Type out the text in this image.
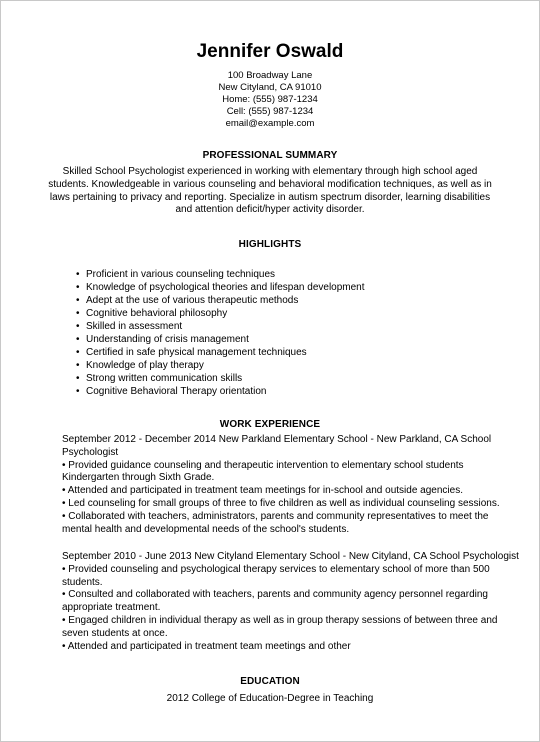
Jennifer Oswald
100 Broadway Lane
New Cityland, CA 91010
Home: (555) 987-1234
Cell: (555) 987-1234
email@example.com
PROFESSIONAL SUMMARY
Skilled School Psychologist experienced in working with elementary through high school aged
students. Knowledgeable in various counseling and behavioral modification techniques, as well as in
laws pertaining to privacy and reporting. Specialize in autism spectrum disorder, learning disabilities
and attention deficit/hyper activity disorder.
HIGHLIGHTS
• Proficient in various counseling techniques
• Knowledge of psychological theories and lifespan development
• Adept at the use of various therapeutic methods
• Cognitive behavioral philosophy
• Skilled in assessment
• Understanding of crisis management
• Certified in safe physical management techniques
• Knowledge of play therapy
• Strong written communication skills
• Cognitive Behavioral Therapy orientation
WORK EXPERIENCE

September 2012 - December 2014 New Parkland Elementary School - New Parkland, CA School

Psychologist

• Provided guidance counseling and therapeutic intervention to elementary school students

Kindergarten through Sixth Grade.

• Attended and participated in treatment team meetings for in-school and outside agencies.

• Led counseling for small groups of three to five children as well as individual counseling sessions.

• Collaborated with teachers, administrators, parents and community representatives to meet the

mental health and developmental needs of the school's students.

September 2010 - June 2013 New Cityland Elementary School - New Cityland, CA School Psychologist

• Provided counseling and psychological therapy services to elementary school of more than 500

students.

• Consulted and collaborated with teachers, parents and community agency personnel regarding

appropriate treatment.

• Engaged children in individual therapy as well as in group therapy sessions of between three and

seven students at once.

• Attended and participated in treatment team meetings and other

EDUCATION
2012 College of Education-Degree in Teaching
